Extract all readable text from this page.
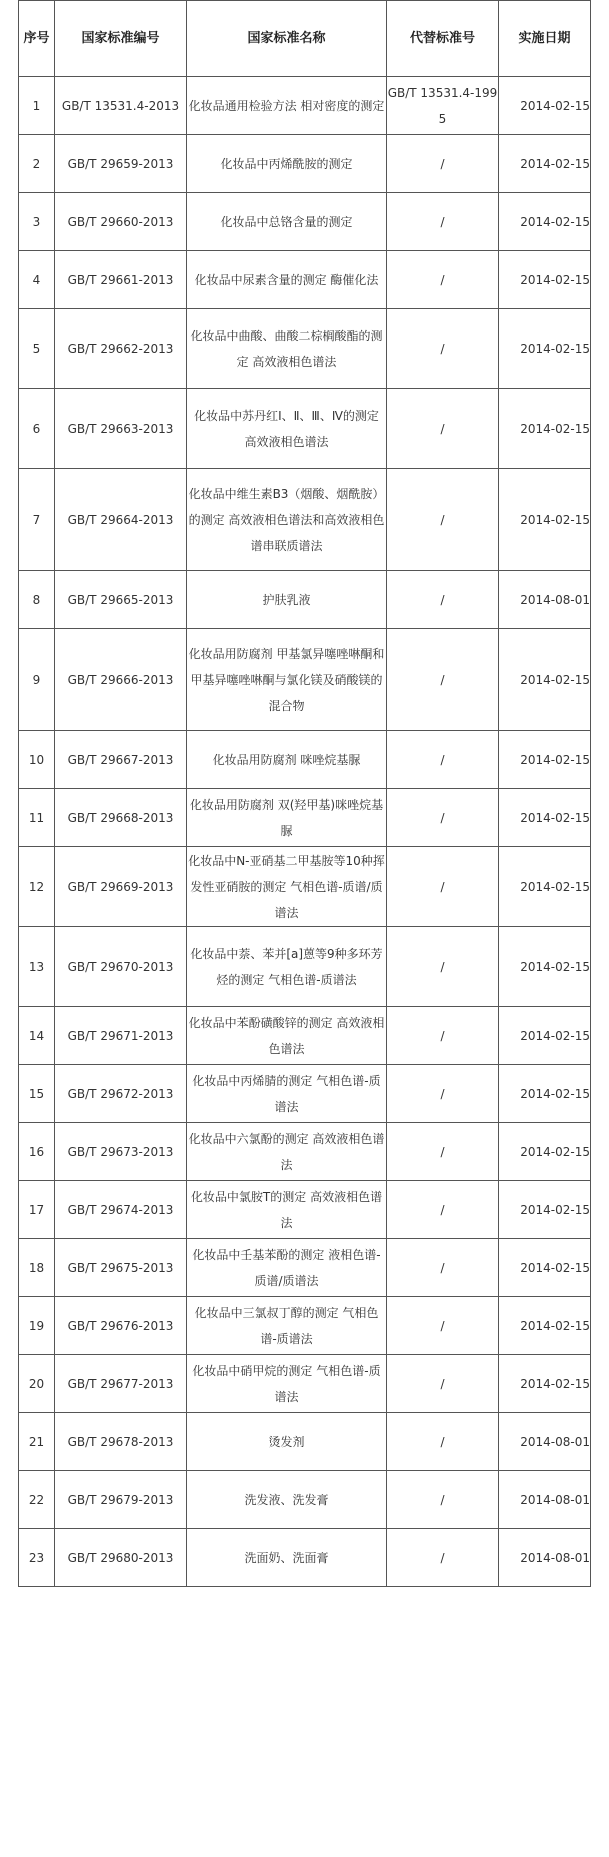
序号	国家标准编号	国家标准名称	代替标准号	实施日期
1	GB/T 13531.4-2013	化妆品通用检验方法 相对密度的测定	GB/T 13531.4-1995	2014-02-15
2	GB/T 29659-2013	化妆品中丙烯酰胺的测定	/	2014-02-15
3	GB/T 29660-2013	化妆品中总铬含量的测定	/	2014-02-15
4	GB/T 29661-2013	化妆品中尿素含量的测定 酶催化法	/	2014-02-15
5	GB/T 29662-2013	化妆品中曲酸、曲酸二棕榈酸酯的测定 高效液相色谱法	/	2014-02-15
6	GB/T 29663-2013	化妆品中苏丹红Ⅰ、Ⅱ、Ⅲ、Ⅳ的测定 高效液相色谱法	/	2014-02-15
7	GB/T 29664-2013	化妆品中维生素B3（烟酸、烟酰胺）的测定 高效液相色谱法和高效液相色谱串联质谱法	/	2014-02-15
8	GB/T 29665-2013	护肤乳液	/	2014-08-01
9	GB/T 29666-2013	化妆品用防腐剂 甲基氯异噻唑啉酮和甲基异噻唑啉酮与氯化镁及硝酸镁的混合物	/	2014-02-15
10	GB/T 29667-2013	化妆品用防腐剂 咪唑烷基脲	/	2014-02-15
11	GB/T 29668-2013	化妆品用防腐剂 双(羟甲基)咪唑烷基脲	/	2014-02-15
12	GB/T 29669-2013	化妆品中N-亚硝基二甲基胺等10种挥发性亚硝胺的测定 气相色谱-质谱/质谱法	/	2014-02-15
13	GB/T 29670-2013	化妆品中萘、苯并[a]蒽等9种多环芳烃的测定 气相色谱-质谱法	/	2014-02-15
14	GB/T 29671-2013	化妆品中苯酚磺酸锌的测定 高效液相色谱法	/	2014-02-15
15	GB/T 29672-2013	化妆品中丙烯腈的测定 气相色谱-质谱法	/	2014-02-15
16	GB/T 29673-2013	化妆品中六氯酚的测定 高效液相色谱法	/	2014-02-15
17	GB/T 29674-2013	化妆品中氯胺T的测定 高效液相色谱法	/	2014-02-15
18	GB/T 29675-2013	化妆品中壬基苯酚的测定 液相色谱-质谱/质谱法	/	2014-02-15
19	GB/T 29676-2013	化妆品中三氯叔丁醇的测定 气相色谱-质谱法	/	2014-02-15
20	GB/T 29677-2013	化妆品中硝甲烷的测定 气相色谱-质谱法	/	2014-02-15
21	GB/T 29678-2013	烫发剂	/	2014-08-01
22	GB/T 29679-2013	洗发液、洗发膏	/	2014-08-01
23	GB/T 29680-2013	洗面奶、洗面膏	/	2014-08-01
